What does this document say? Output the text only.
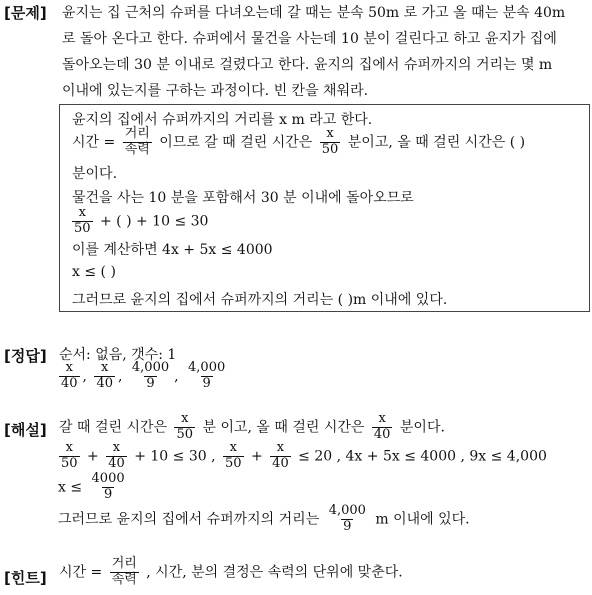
[문제] 윤지는 집 근처의 슈퍼를 다녀오는데 갈 때는 분속 50m 로 가고 올 때는 분속 40m
로 돌아 온다고 한다. 슈퍼에서 물건을 사는데 10 분이 걸린다고 하고 윤지가 집에
돌아오는데 30 분 이내로 걸렸다고 한다. 윤지의 집에서 슈퍼까지의 거리는 몇 m
이내에 있는지를 구하는 과정이다. 빈 칸을 채워라.
윤지의 집에서 슈퍼까지의 거리를 x m 라고 한다.
시간 = $\frac{\text{거리}}{\text{속력}}$ 이므로 갈 때 걸린 시간은 $\frac{x}{50}$ 분이고, 올 때 걸린 시간은 ( )
분이다.
물건을 사는 10 분을 포함해서 30 분 이내에 돌아오므로
$\frac{x}{50}$ + ( ) + 10 ≤ 30
이를 계산하면 4x + 5x ≤ 4000
x ≤ ( )
그러므로 윤지의 집에서 슈퍼까지의 거리는 ( )m 이내에 있다.
[정답] 순서: 없음, 갯수: 1
$\frac{x}{40}$ , $\frac{x}{40}$ , $\frac{4,000}{9}$ , $\frac{4,000}{9}$
[해설] 갈 때 걸린 시간은 $\frac{x}{50}$ 분 이고, 올 때 걸린 시간은 $\frac{x}{40}$ 분이다.
$\frac{x}{50} + \frac{x}{40} + 10 \le 30$ , $\frac{x}{50} + \frac{x}{40} \le 20$ , 4x + 5x ≤ 4000 , 9x ≤ 4,000
$x \le \frac{4000}{9}$
그러므로 윤지의 집에서 슈퍼까지의 거리는 $\frac{4,000}{9}$ m 이내에 있다.
[힌트] 시간 = $\frac{\text{거리}}{\text{속력}}$ , 시간, 분의 결정은 속력의 단위에 맞춘다.
